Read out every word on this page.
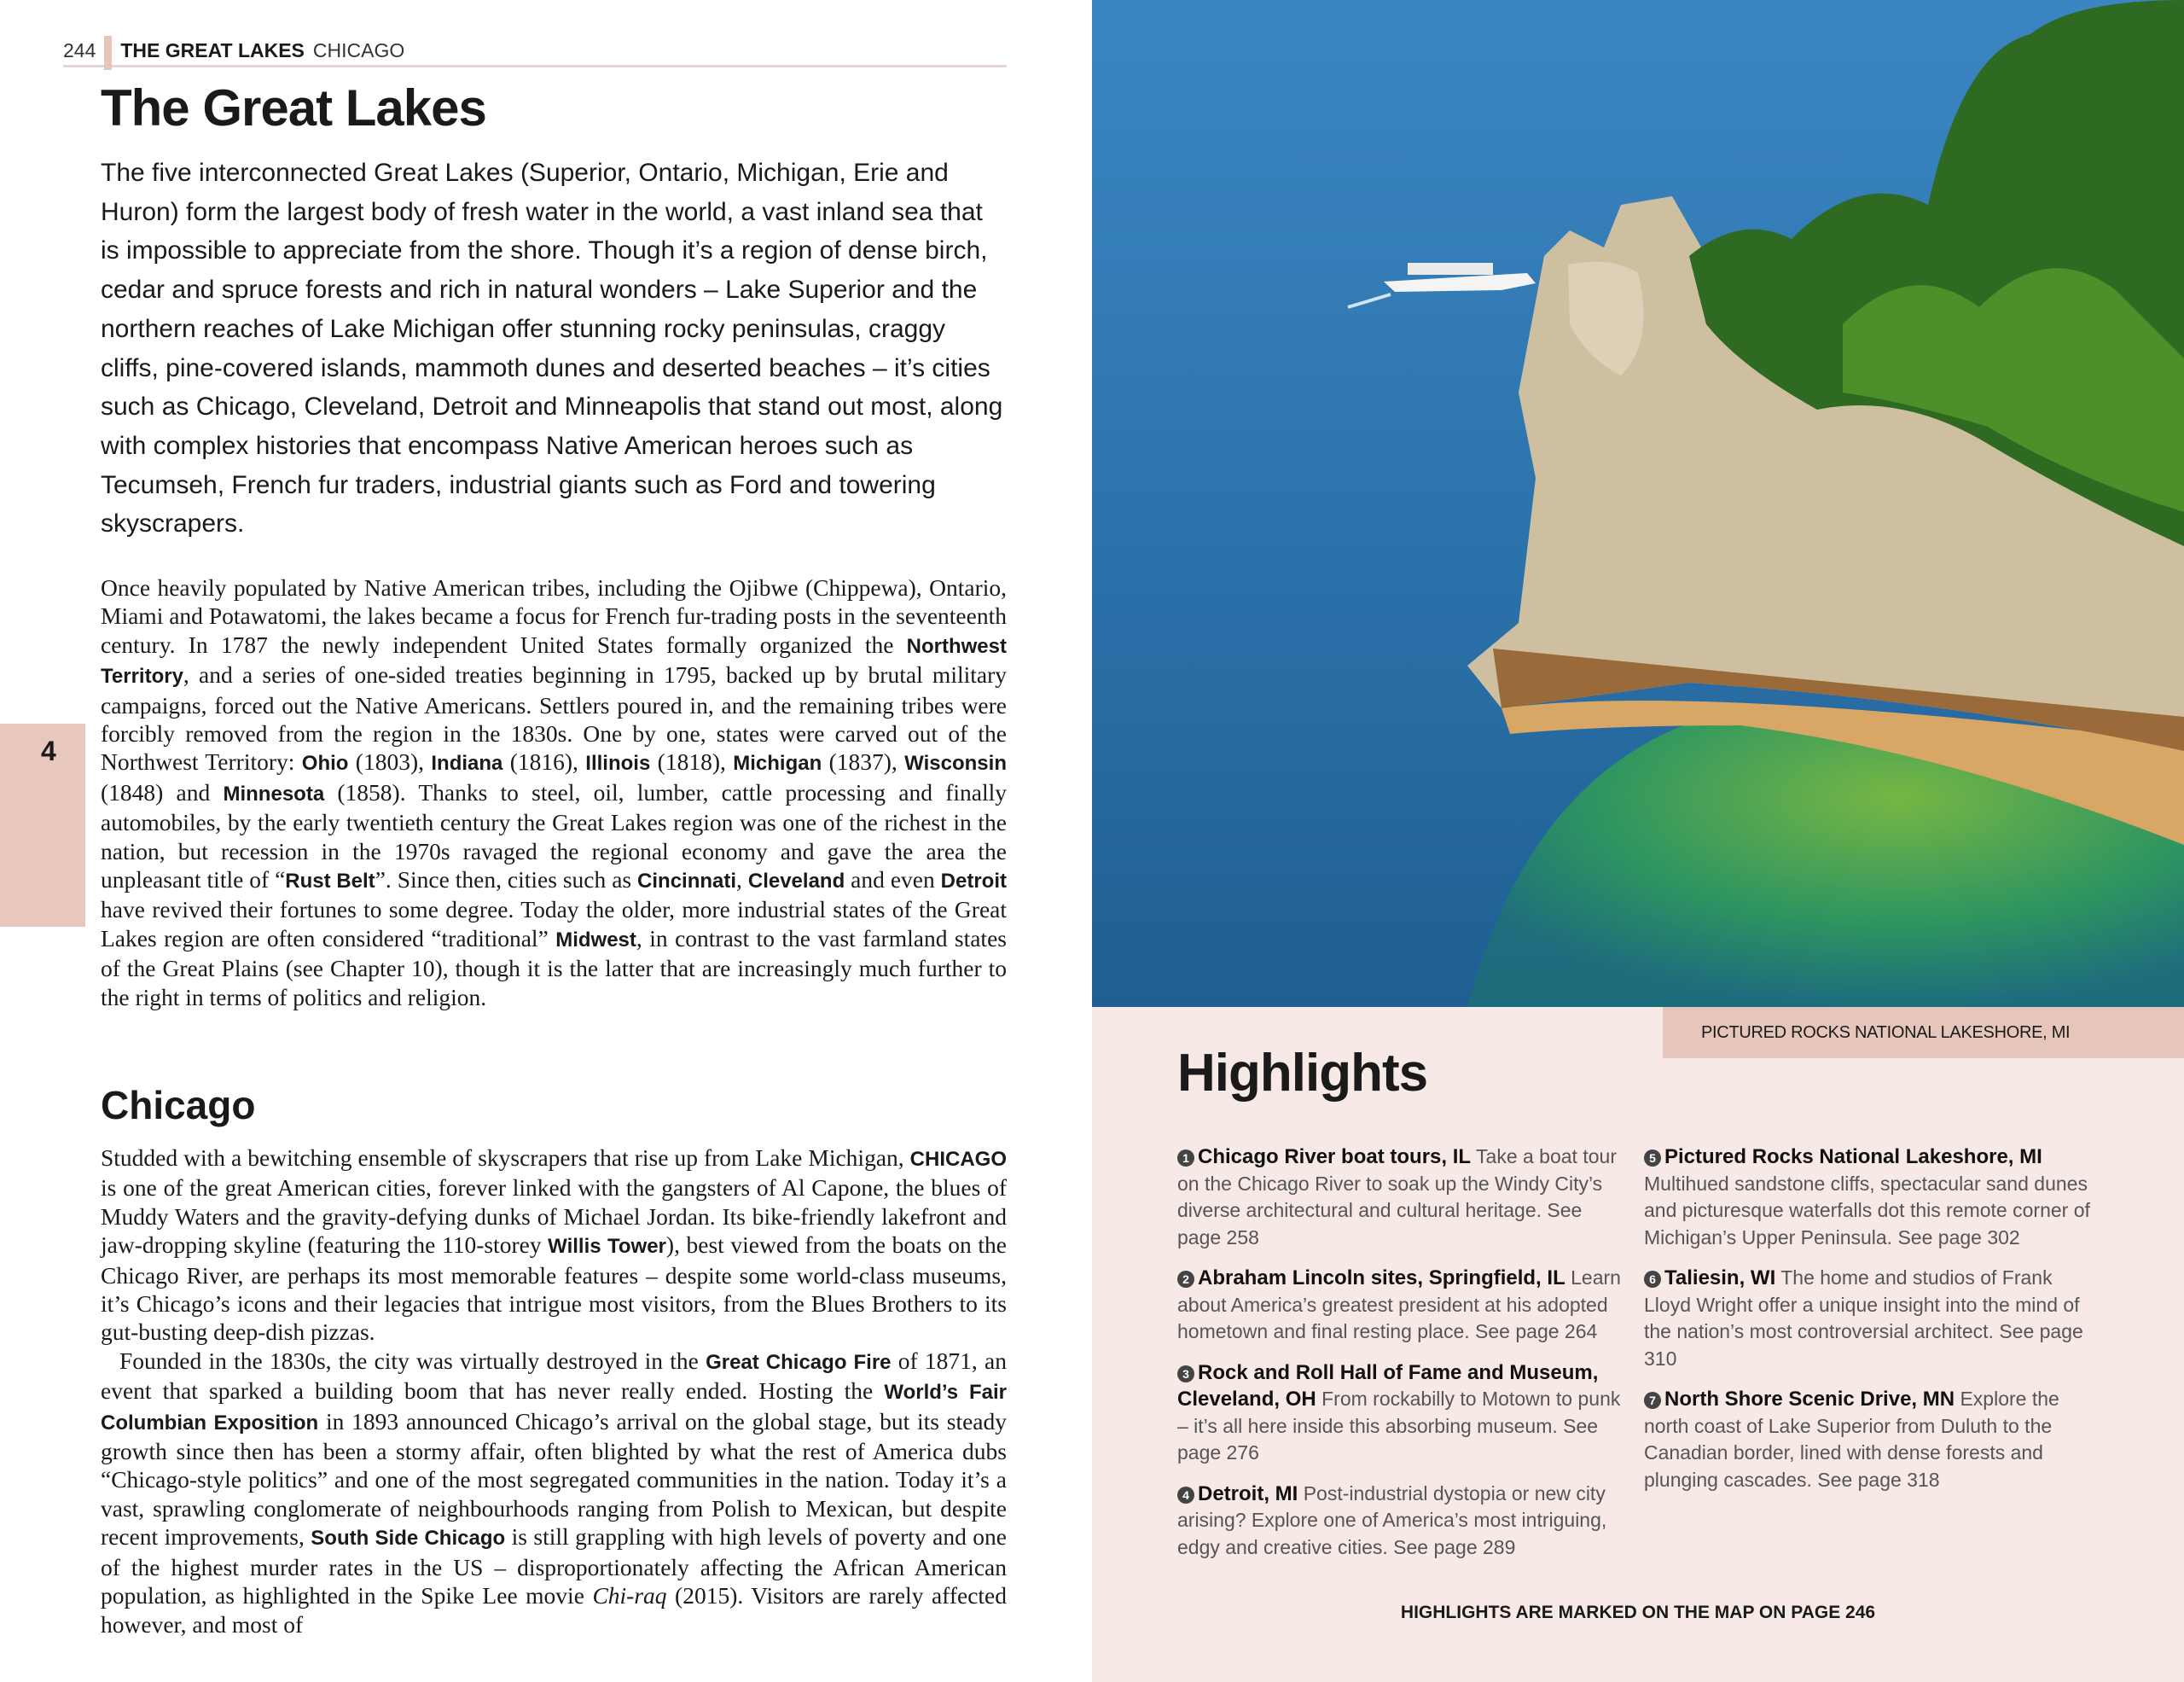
244 THE GREAT LAKES CHICAGO
The Great Lakes

The five interconnected Great Lakes (Superior, Ontario, Michigan, Erie and Huron) form the largest body of fresh water in the world, a vast inland sea that is impossible to appreciate from the shore. Though it’s a region of dense birch, cedar and spruce forests and rich in natural wonders – Lake Superior and the northern reaches of Lake Michigan offer stunning rocky peninsulas, craggy cliffs, pine-covered islands, mammoth dunes and deserted beaches – it’s cities such as Chicago, Cleveland, Detroit and Minneapolis that stand out most, along with complex histories that encompass Native American heroes such as Tecumseh, French fur traders, industrial giants such as Ford and towering skyscrapers.

Once heavily populated by Native American tribes, including the Ojibwe (Chippewa), Ontario, Miami and Potawatomi, the lakes became a focus for French fur-trading posts in the seventeenth century. In 1787 the newly independent United States formally organized the Northwest Territory, and a series of one-sided treaties beginning in 1795, backed up by brutal military campaigns, forced out the Native Americans. Settlers poured in, and the remaining tribes were forcibly removed from the region in the 1830s. One by one, states were carved out of the Northwest Territory: Ohio (1803), Indiana (1816), Illinois (1818), Michigan (1837), Wisconsin (1848) and Minnesota (1858). Thanks to steel, oil, lumber, cattle processing and finally automobiles, by the early twentieth century the Great Lakes region was one of the richest in the nation, but recession in the 1970s ravaged the regional economy and gave the area the unpleasant title of “Rust Belt”. Since then, cities such as Cincinnati, Cleveland and even Detroit have revived their fortunes to some degree. Today the older, more industrial states of the Great Lakes region are often considered “traditional” Midwest, in contrast to the vast farmland states of the Great Plains (see Chapter 10), though it is the latter that are increasingly much further to the right in terms of politics and religion.

Chicago

Studded with a bewitching ensemble of skyscrapers that rise up from Lake Michigan, CHICAGO is one of the great American cities, forever linked with the gangsters of Al Capone, the blues of Muddy Waters and the gravity-defying dunks of Michael Jordan. Its bike-friendly lakefront and jaw-dropping skyline (featuring the 110-storey Willis Tower), best viewed from the boats on the Chicago River, are perhaps its most memorable features – despite some world-class museums, it’s Chicago’s icons and their legacies that intrigue most visitors, from the Blues Brothers to its gut-busting deep-dish pizzas.

Founded in the 1830s, the city was virtually destroyed in the Great Chicago Fire of 1871, an event that sparked a building boom that has never really ended. Hosting the World’s Fair Columbian Exposition in 1893 announced Chicago’s arrival on the global stage, but its steady growth since then has been a stormy affair, often blighted by what the rest of America dubs “Chicago-style politics” and one of the most segregated communities in the nation. Today it’s a vast, sprawling conglomerate of neighbourhoods ranging from Polish to Mexican, but despite recent improvements, South Side Chicago is still grappling with high levels of poverty and one of the highest murder rates in the US – disproportionately affecting the African American population, as highlighted in the Spike Lee movie Chi-raq (2015). Visitors are rarely affected however, and most of

4
PICTURED ROCKS NATIONAL LAKESHORE, MI
Highlights
1 Chicago River boat tours, IL Take a boat tour on the Chicago River to soak up the Windy City’s diverse architectural and cultural heritage. See page 258
2 Abraham Lincoln sites, Springfield, IL Learn about America’s greatest president at his adopted hometown and final resting place. See page 264
3 Rock and Roll Hall of Fame and Museum, Cleveland, OH From rockabilly to Motown to punk – it’s all here inside this absorbing museum. See page 276
4 Detroit, MI Post-industrial dystopia or new city arising? Explore one of America’s most intriguing, edgy and creative cities. See page 289
5 Pictured Rocks National Lakeshore, MI Multihued sandstone cliffs, spectacular sand dunes and picturesque waterfalls dot this remote corner of Michigan’s Upper Peninsula. See page 302
6 Taliesin, WI The home and studios of Frank Lloyd Wright offer a unique insight into the mind of the nation’s most controversial architect. See page 310
7 North Shore Scenic Drive, MN Explore the north coast of Lake Superior from Duluth to the Canadian border, lined with dense forests and plunging cascades. See page 318
HIGHLIGHTS ARE MARKED ON THE MAP ON PAGE 246
